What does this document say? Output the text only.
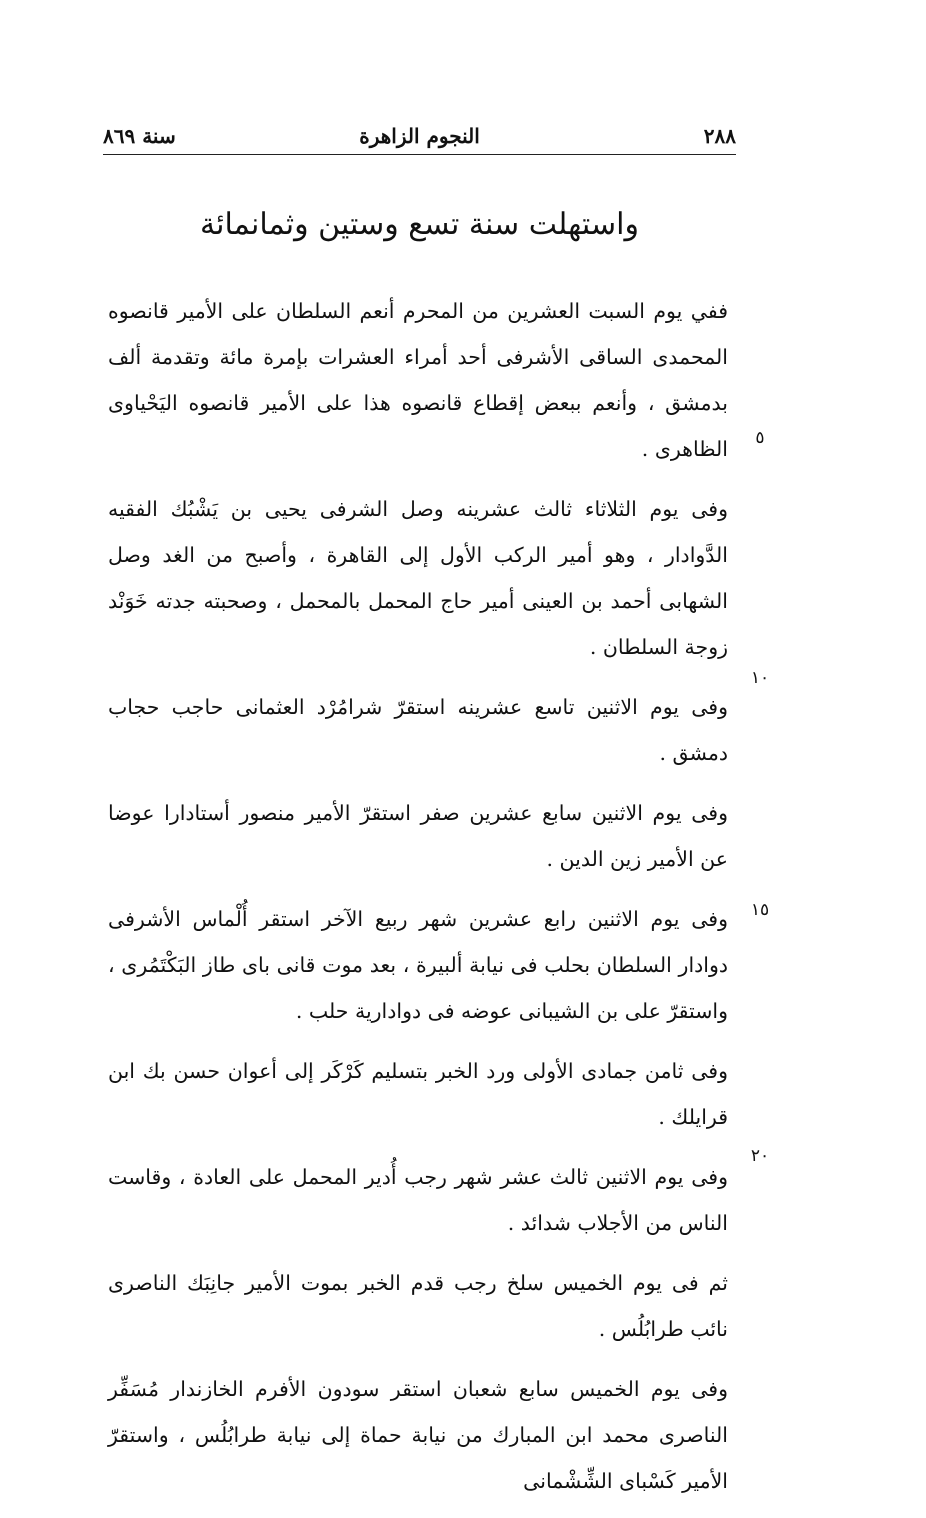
٢٨٨
النجوم الزاهرة
سنة ٨٦٩
واستهلت سنة تسع وستين وثمانمائة

ففي يوم السبت العشرين من المحرم أنعم السلطان على الأمير قانصوه المحمدى الساقى الأشرفى أحد أمراء العشرات بإمرة مائة وتقدمة ألف بدمشق ، وأنعم ببعض إقطاع قانصوه هذا على الأمير قانصوه اليَحْياوى الظاهرى .

وفى يوم الثلاثاء ثالث عشرينه وصل الشرفى يحيى بن يَشْبُك الفقيه الدَّوادار ، وهو أمير الركب الأول إلى القاهرة ، وأصبح من الغد وصل الشهابى أحمد بن العينى أمير حاج المحمل بالمحمل ، وصحبته جدته خَوَنْد زوجة السلطان .

وفى يوم الاثنين تاسع عشرينه استقرّ شرامُرْد العثمانى حاجب حجاب دمشق .

وفى يوم الاثنين سابع عشرين صفر استقرّ الأمير منصور أستادارا عوضا عن الأمير زين الدين .

وفى يوم الاثنين رابع عشرين شهر ربيع الآخر استقر أُلْماس الأشرفى دوادار السلطان بحلب فى نيابة ألبيرة ، بعد موت قانى باى طاز البَكْتَمُرى ، واستقرّ على بن الشيبانى عوضه فى دوادارية حلب .

وفى ثامن جمادى الأولى ورد الخبر بتسليم كَرْكَر إلى أعوان حسن بك ابن قرايلك .

وفى يوم الاثنين ثالث عشر شهر رجب أُدير المحمل على العادة ، وقاست الناس من الأجلاب شدائد .

ثم فى يوم الخميس سلخ رجب قدم الخبر بموت الأمير جانِبَك الناصرى نائب طرابُلُس .

وفى يوم الخميس سابع شعبان استقر سودون الأفرم الخازندار مُسَفِّر الناصرى محمد ابن المبارك من نيابة حماة إلى نيابة طرابُلُس ، واستقرّ الأمير كَسْباى الشِّشْمانى

٥
١٠
١٥
٢٠
